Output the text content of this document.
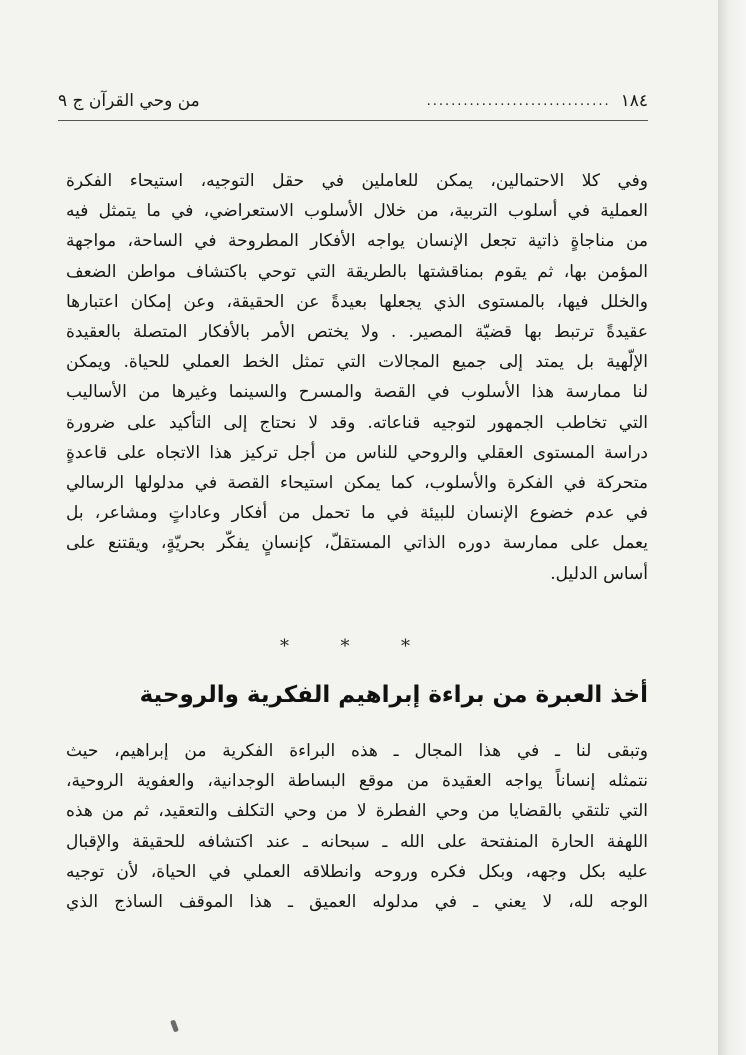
١٨٤
..............................
من وحي القرآن ج ٩
وفي كلا الاحتمالين، يمكن للعاملين في حقل التوجيه، استيحاء الفكرة
العملية في أسلوب التربية، من خلال الأسلوب الاستعراضي، في ما يتمثل فيه
من مناجاةٍ ذاتية تجعل الإنسان يواجه الأفكار المطروحة في الساحة، مواجهة
المؤمن بها، ثم يقوم بمناقشتها بالطريقة التي توحي باكتشاف مواطن الضعف
والخلل فيها، بالمستوى الذي يجعلها بعيدةً عن الحقيقة، وعن إمكان اعتبارها
عقيدةً ترتبط بها قضيّة المصير. . ولا يختص الأمر بالأفكار المتصلة بالعقيدة
الإلّهية بل يمتد إلى جميع المجالات التي تمثل الخط العملي للحياة. ويمكن
لنا ممارسة هذا الأسلوب في القصة والمسرح والسينما وغيرها من الأساليب
التي تخاطب الجمهور لتوجيه قناعاته. وقد لا نحتاج إلى التأكيد على ضرورة
دراسة المستوى العقلي والروحي للناس من أجل تركيز هذا الاتجاه على قاعدةٍ
متحركة في الفكرة والأسلوب، كما يمكن استيحاء القصة في مدلولها الرسالي
في عدم خضوع الإنسان للبيئة في ما تحمل من أفكار وعاداتٍ ومشاعر، بل
يعمل على ممارسة دوره الذاتي المستقلّ، كإنسانٍ يفكّر بحريّةٍ، ويقتنع على
أساس الدليل.
*	*	*
أخذ العبرة من براءة إبراهيم الفكرية والروحية
وتبقى لنا ـ في هذا المجال ـ هذه البراءة الفكرية من إبراهيم، حيث
نتمثله إنساناً يواجه العقيدة من موقع البساطة الوجدانية، والعفوية الروحية،
التي تلتقي بالقضايا من وحي الفطرة لا من وحي التكلف والتعقيد، ثم من هذه
اللهفة الحارة المنفتحة على الله ـ سبحانه ـ عند اكتشافه للحقيقة والإقبال
عليه بكل وجهه، وبكل فكره وروحه وانطلاقه العملي في الحياة، لأن توجيه
الوجه لله، لا يعني ـ في مدلوله العميق ـ هذا الموقف الساذج الذي
